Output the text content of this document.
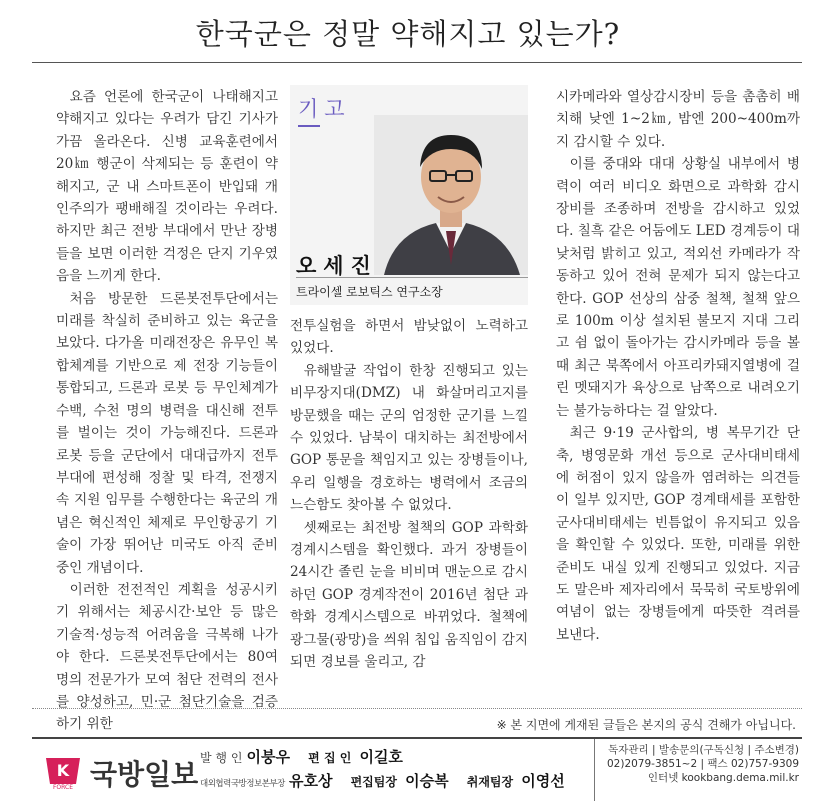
한국군은 정말 약해지고 있는가?

요즘 언론에 한국군이 나태해지고 약해지고 있다는 우려가 담긴 기사가 가끔 올라온다. 신병 교육훈련에서 20㎞ 행군이 삭제되는 등 훈련이 약해지고, 군 내 스마트폰이 반입돼 개인주의가 팽배해질 것이라는 우려다. 하지만 최근 전방 부대에서 만난 장병들을 보면 이러한 걱정은 단지 기우였음을 느끼게 한다.

처음 방문한 드론봇전투단에서는 미래를 착실히 준비하고 있는 육군을 보았다. 다가올 미래전장은 유무인 복합체계를 기반으로 제 전장 기능들이 통합되고, 드론과 로봇 등 무인체계가 수백, 수천 명의 병력을 대신해 전투를 벌이는 것이 가능해진다. 드론과 로봇 등을 군단에서 대대급까지 전투부대에 편성해 정찰 및 타격, 전쟁지속 지원 임무를 수행한다는 육군의 개념은 혁신적인 체제로 무인항공기 기술이 가장 뛰어난 미국도 아직 준비 중인 개념이다.

이러한 전전적인 계획을 성공시키기 위해서는 체공시간·보안 등 많은 기술적·성능적 어려움을 극복해 나가야 한다. 드론봇전투단에서는 80여 명의 전문가가 모여 첨단 전력의 전사를 양성하고, 민·군 첨단기술을 검증하기 위한

기고
오세진
트라이셀 로보틱스 연구소장

전투실험을 하면서 밤낮없이 노력하고 있었다.

유해발굴 작업이 한창 진행되고 있는 비무장지대(DMZ) 내 화살머리고지를 방문했을 때는 군의 엄정한 군기를 느낄 수 있었다. 남북이 대치하는 최전방에서 GOP 통문을 책임지고 있는 장병들이나, 우리 일행을 경호하는 병력에서 조금의 느슨함도 찾아볼 수 없었다.

셋째로는 최전방 철책의 GOP 과학화 경계시스템을 확인했다. 과거 장병들이 24시간 졸린 눈을 비비며 맨눈으로 감시하던 GOP 경계작전이 2016년 첨단 과학화 경계시스템으로 바뀌었다. 철책에 광그물(광망)을 씌워 침입 움직임이 감지되면 경보를 울리고, 감

시카메라와 열상감시장비 등을 촘촘히 배치해 낮엔 1~2㎞, 밤엔 200~400m까지 감시할 수 있다.

이를 중대와 대대 상황실 내부에서 병력이 여러 비디오 화면으로 과학화 감시장비를 조종하며 전방을 감시하고 있었다. 칠흑 같은 어둠에도 LED 경계등이 대낮처럼 밝히고 있고, 적외선 카메라가 작동하고 있어 전혀 문제가 되지 않는다고 한다. GOP 선상의 삼중 철책, 철책 앞으로 100m 이상 설치된 불모지 지대 그리고 쉼 없이 돌아가는 감시카메라 등을 볼 때 최근 북쪽에서 아프리카돼지열병에 걸린 멧돼지가 육상으로 남쪽으로 내려오기는 불가능하다는 걸 알았다.

최근 9·19 군사합의, 병 복무기간 단축, 병영문화 개선 등으로 군사대비태세에 허점이 있지 않을까 염려하는 의견들이 일부 있지만, GOP 경계태세를 포함한 군사대비태세는 빈틈없이 유지되고 있음을 확인할 수 있었다. 또한, 미래를 위한 준비도 내실 있게 진행되고 있었다. 지금도 말은바 제자리에서 묵묵히 국토방위에 여념이 없는 장병들에게 따뜻한 격려를 보낸다.

※ 본 지면에 게재된 글들은 본지의 공식 견해가 아닙니다.
K
FORCE 국방일보 발 행 인 이붕우 편 집 인 이길호
대외협력국방정보본부장 유호상 편집팀장 이승복 취재팀장 이영선
독자관리 | 발송문의(구독신청 | 주소변경)
02)2079-3851~2 | 팩스 02)757-9309
인터넷 kookbang.dema.mil.kr
